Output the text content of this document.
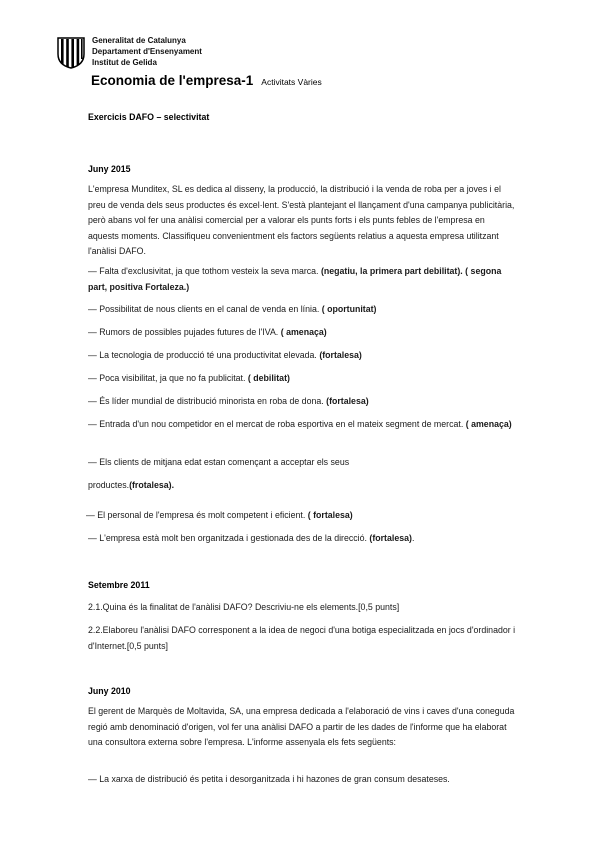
Generalitat de Catalunya
Departament d'Ensenyament
Institut de Gelida
Economia de l'empresa-1 Activitats Vàries
Exercicis DAFO – selectivitat
Juny 2015
L'empresa Munditex, SL es dedica al disseny, la producció, la distribució i la venda de roba per a joves i el preu de venda dels seus productes és excel·lent. S'està plantejant el llançament d'una campanya publicitària, però abans vol fer una anàlisi comercial per a valorar els punts forts i els punts febles de l'empresa en aquests moments. Classifiqueu convenientment els factors següents relatius a aquesta empresa utilitzant l'anàlisi DAFO.
— Falta d'exclusivitat, ja que tothom vesteix la seva marca. (negatiu, la primera part debilitat). ( segona part, positiva Fortaleza.)
— Possibilitat de nous clients en el canal de venda en línia. ( oportunitat)
— Rumors de possibles pujades futures de l'IVA. ( amenaça)
— La tecnologia de producció té una productivitat elevada. (fortalesa)
— Poca visibilitat, ja que no fa publicitat. ( debilitat)
— És líder mundial de distribució minorista en roba de dona. (fortalesa)
— Entrada d'un nou competidor en el mercat de roba esportiva en el mateix segment de mercat. ( amenaça)
— Els clients de mitjana edat estan començant a acceptar els seus
productes.(frotalesa).
— El personal de l'empresa és molt competent i eficient. ( fortalesa)
— L'empresa està molt ben organitzada i gestionada des de la direcció. (fortalesa).
Setembre 2011
2.1.Quina és la finalitat de l'anàlisi DAFO? Descriviu-ne els elements.[0,5 punts]
2.2.Elaboreu l'anàlisi DAFO corresponent a la idea de negoci d'una botiga especialitzada en jocs d'ordinador i d'Internet.[0,5 punts]
Juny 2010
El gerent de Marquès de Moltavida, SA, una empresa dedicada a l'elaboració de vins i caves d'una coneguda regió amb denominació d'origen, vol fer una anàlisi DAFO a partir de les dades de l'informe que ha elaborat una consultora externa sobre l'empresa. L'informe assenyala els fets següents:
— La xarxa de distribució és petita i desorganitzada i hi hazones de gran consum desateses.
